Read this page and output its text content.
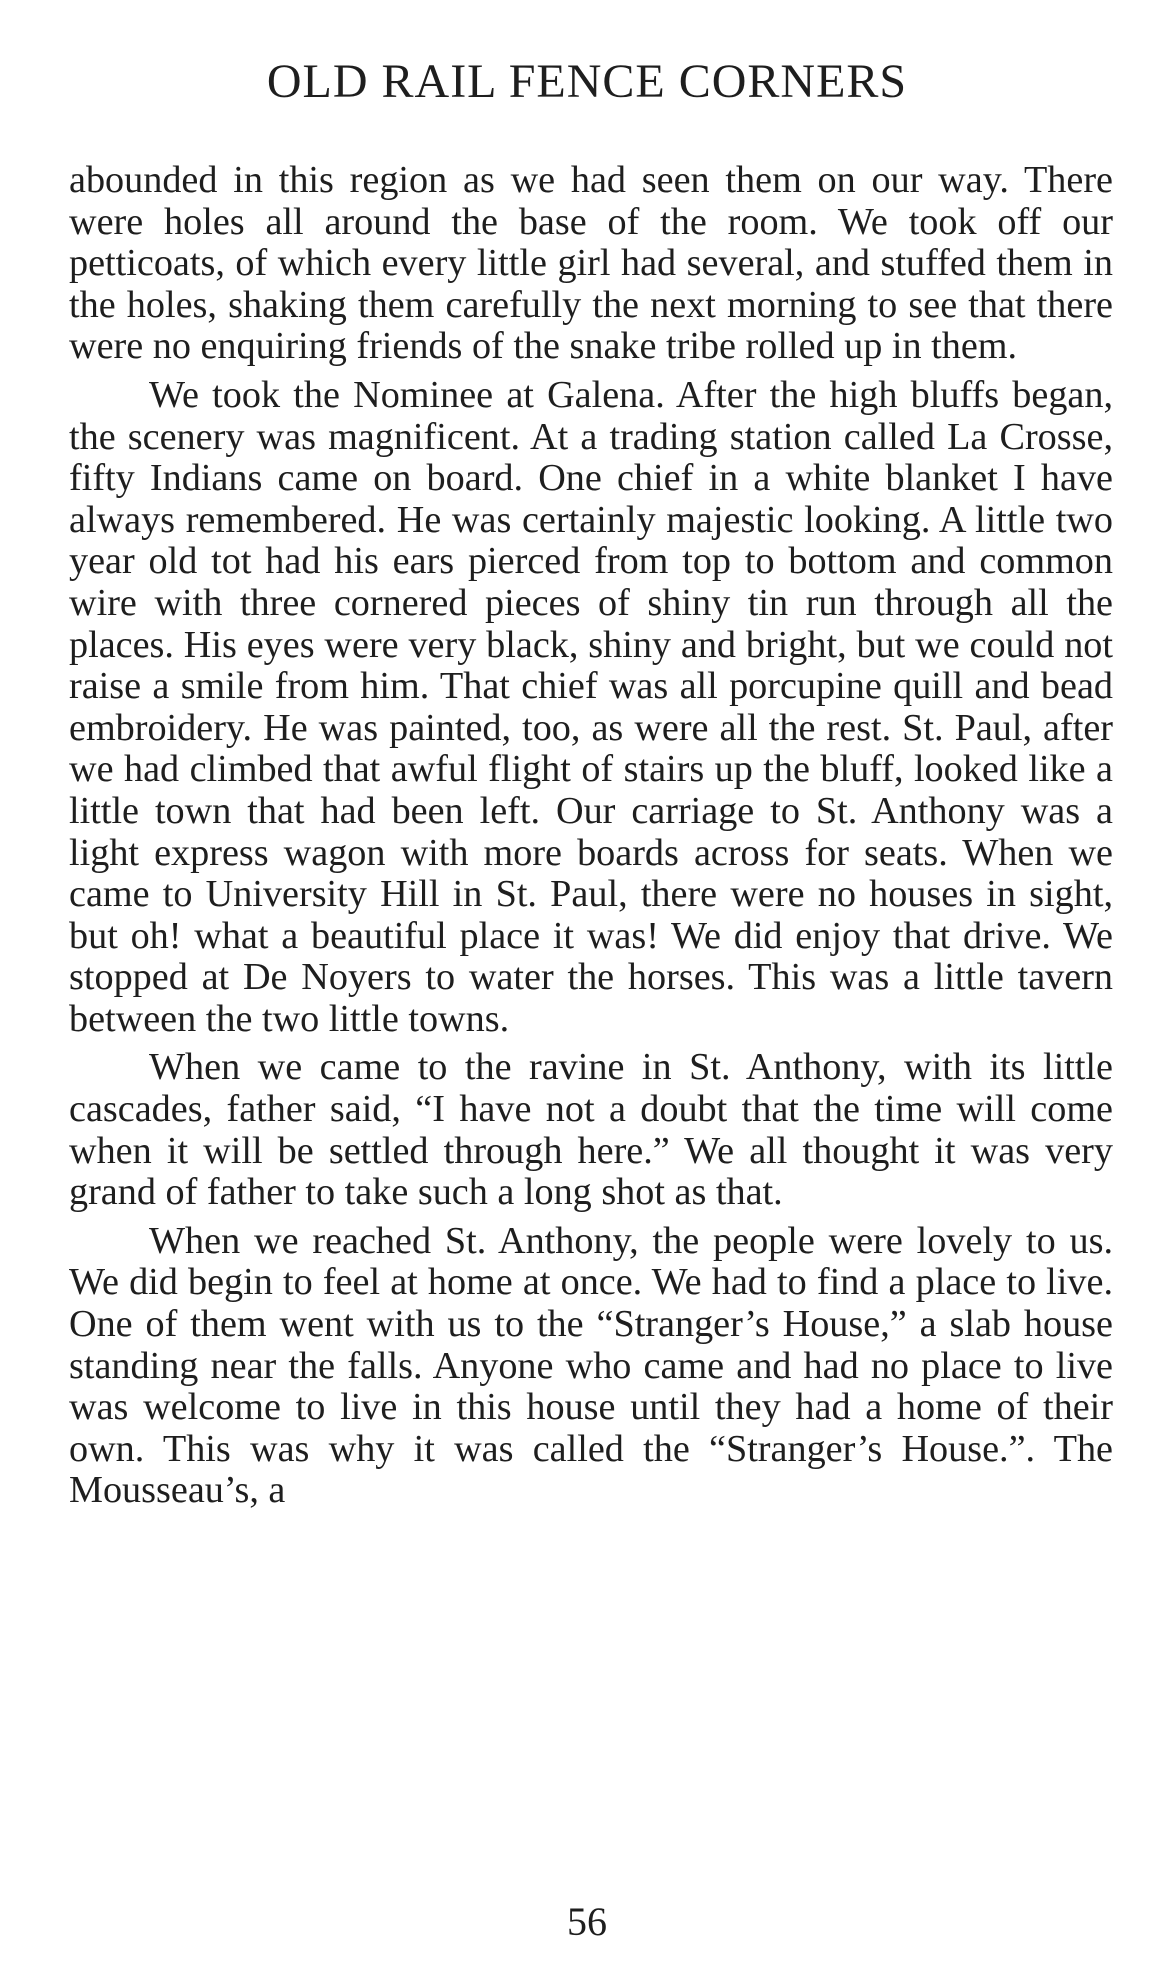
OLD RAIL FENCE CORNERS

abounded in this region as we had seen them on our way. There were holes all around the base of the room. We took off our petticoats, of which every little girl had several, and stuffed them in the holes, shaking them carefully the next morning to see that there were no enquiring friends of the snake tribe rolled up in them.

We took the Nominee at Galena. After the high bluffs began, the scenery was magnificent. At a trading station called La Crosse, fifty Indians came on board. One chief in a white blanket I have always remembered. He was certainly majestic looking. A little two year old tot had his ears pierced from top to bottom and common wire with three cornered pieces of shiny tin run through all the places. His eyes were very black, shiny and bright, but we could not raise a smile from him. That chief was all porcupine quill and bead embroidery. He was painted, too, as were all the rest. St. Paul, after we had climbed that awful flight of stairs up the bluff, looked like a little town that had been left. Our carriage to St. Anthony was a light express wagon with more boards across for seats. When we came to University Hill in St. Paul, there were no houses in sight, but oh! what a beautiful place it was! We did enjoy that drive. We stopped at De Noyers to water the horses. This was a little tavern between the two little towns.

When we came to the ravine in St. Anthony, with its little cascades, father said, “I have not a doubt that the time will come when it will be settled through here.” We all thought it was very grand of father to take such a long shot as that.

When we reached St. Anthony, the people were lovely to us. We did begin to feel at home at once. We had to find a place to live. One of them went with us to the “Stranger’s House,” a slab house standing near the falls. Anyone who came and had no place to live was welcome to live in this house until they had a home of their own. This was why it was called the “Stranger’s House.”. The Mousseau’s, a

56
